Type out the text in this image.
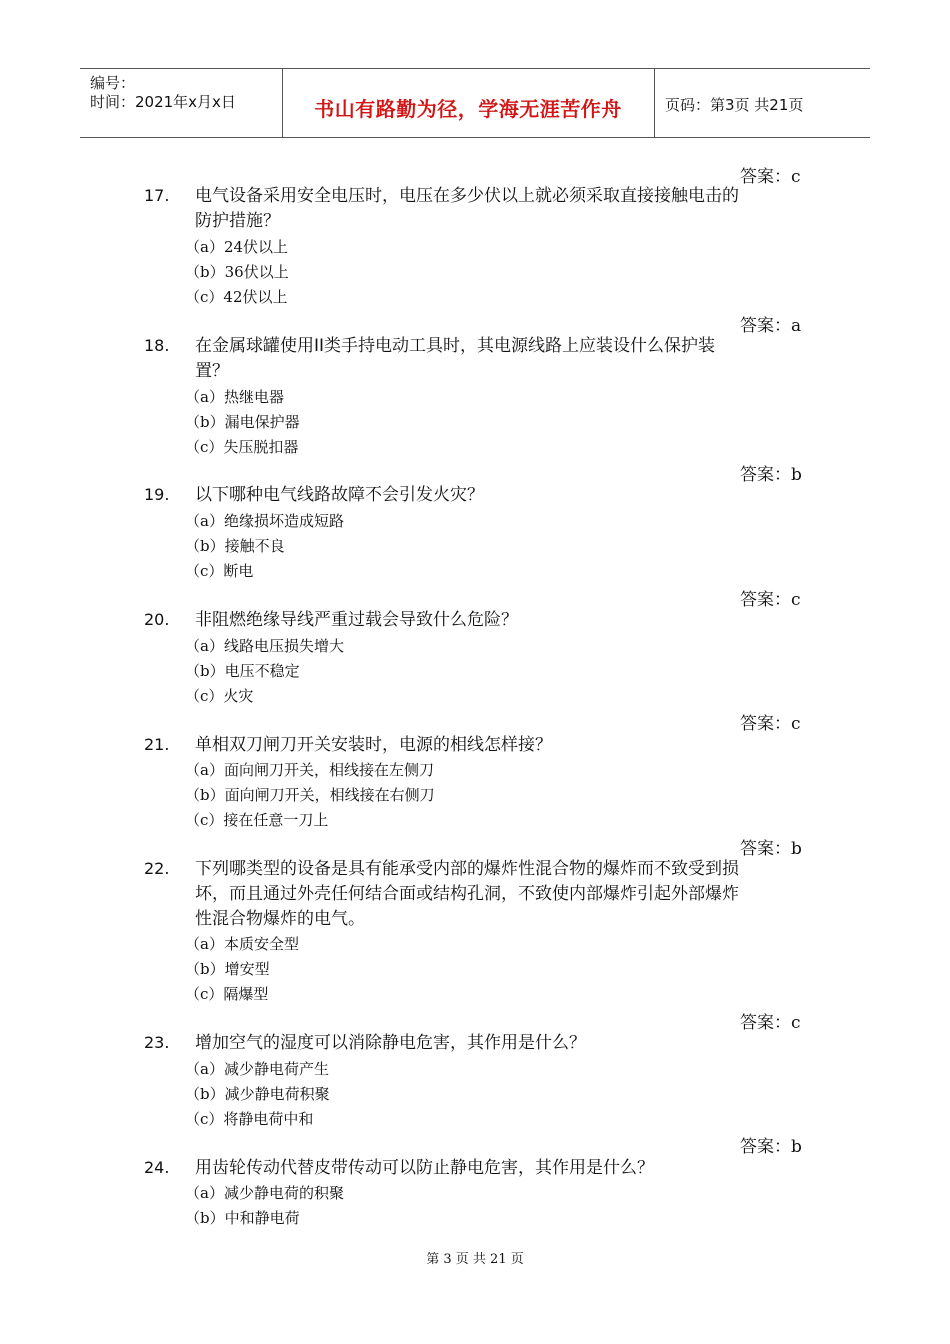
编号：
时间：2021年x月x日	书山有路勤为径，学海无涯苦作舟	页码：第3页 共21页
答案：c
17. 电气设备采用安全电压时，电压在多少伏以上就必须采取直接接触电击的
防护措施？
（a）24伏以上
（b）36伏以上
（c）42伏以上
答案：a
18. 在金属球罐使用II类手持电动工具时，其电源线路上应装设什么保护装
置？
（a）热继电器
（b）漏电保护器
（c）失压脱扣器
答案：b
19. 以下哪种电气线路故障不会引发火灾？
（a）绝缘损坏造成短路
（b）接触不良
（c）断电
答案：c
20. 非阻燃绝缘导线严重过载会导致什么危险？
（a）线路电压损失增大
（b）电压不稳定
（c）火灾
答案：c
21. 单相双刀闸刀开关安装时，电源的相线怎样接？
（a）面向闸刀开关，相线接在左侧刀
（b）面向闸刀开关，相线接在右侧刀
（c）接在任意一刀上
答案：b
22. 下列哪类型的设备是具有能承受内部的爆炸性混合物的爆炸而不致受到损
坏，而且通过外壳任何结合面或结构孔洞，不致使内部爆炸引起外部爆炸
性混合物爆炸的电气。
（a）本质安全型
（b）增安型
（c）隔爆型
答案：c
23. 增加空气的湿度可以消除静电危害，其作用是什么？
（a）减少静电荷产生
（b）减少静电荷积聚
（c）将静电荷中和
答案：b
24. 用齿轮传动代替皮带传动可以防止静电危害，其作用是什么？
（a）减少静电荷的积聚
（b）中和静电荷
第 3 页 共 21 页
